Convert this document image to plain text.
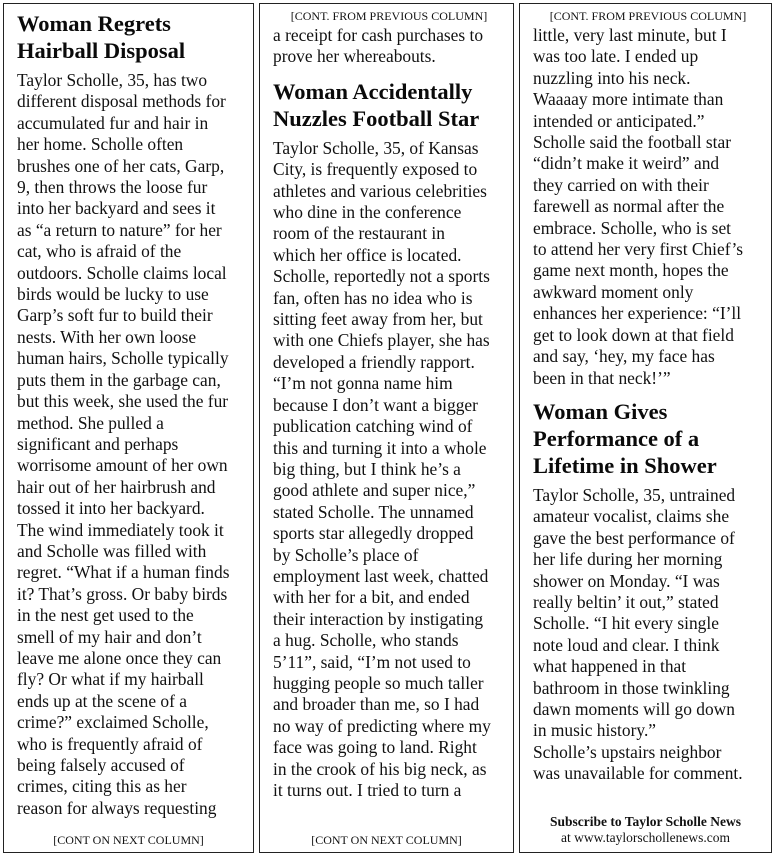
Woman Regrets Hairball Disposal

Taylor Scholle, 35, has two
different disposal methods for
accumulated fur and hair in
her home. Scholle often
brushes one of her cats, Garp,
9, then throws the loose fur
into her backyard and sees it
as “a return to nature” for her
cat, who is afraid of the
outdoors. Scholle claims local
birds would be lucky to use
Garp’s soft fur to build their
nests. With her own loose
human hairs, Scholle typically
puts them in the garbage can,
but this week, she used the fur
method. She pulled a
significant and perhaps
worrisome amount of her own
hair out of her hairbrush and
tossed it into her backyard.
The wind immediately took it
and Scholle was filled with
regret. “What if a human finds
it? That’s gross. Or baby birds
in the nest get used to the
smell of my hair and don’t
leave me alone once they can
fly? Or what if my hairball
ends up at the scene of a
crime?” exclaimed Scholle,
who is frequently afraid of
being falsely accused of
crimes, citing this as her
reason for always requesting

[CONT ON NEXT COLUMN]
[CONT. FROM PREVIOUS COLUMN]

a receipt for cash purchases to
prove her whereabouts.

Woman Accidentally Nuzzles Football Star

Taylor Scholle, 35, of Kansas
City, is frequently exposed to
athletes and various celebrities
who dine in the conference
room of the restaurant in
which her office is located.
Scholle, reportedly not a sports
fan, often has no idea who is
sitting feet away from her, but
with one Chiefs player, she has
developed a friendly rapport.
“I’m not gonna name him
because I don’t want a bigger
publication catching wind of
this and turning it into a whole
big thing, but I think he’s a
good athlete and super nice,”
stated Scholle. The unnamed
sports star allegedly dropped
by Scholle’s place of
employment last week, chatted
with her for a bit, and ended
their interaction by instigating
a hug. Scholle, who stands
5’11”, said, “I’m not used to
hugging people so much taller
and broader than me, so I had
no way of predicting where my
face was going to land. Right
in the crook of his big neck, as
it turns out. I tried to turn a

[CONT ON NEXT COLUMN]
[CONT. FROM PREVIOUS COLUMN]

little, very last minute, but I
was too late. I ended up
nuzzling into his neck.
Waaaay more intimate than
intended or anticipated.”
Scholle said the football star
“didn’t make it weird” and
they carried on with their
farewell as normal after the
embrace. Scholle, who is set
to attend her very first Chief’s
game next month, hopes the
awkward moment only
enhances her experience: “I’ll
get to look down at that field
and say, ‘hey, my face has
been in that neck!’”

Woman Gives Performance of a Lifetime in Shower

Taylor Scholle, 35, untrained
amateur vocalist, claims she
gave the best performance of
her life during her morning
shower on Monday. “I was
really beltin’ it out,” stated
Scholle. “I hit every single
note loud and clear. I think
what happened in that
bathroom in those twinkling
dawn moments will go down
in music history.”
Scholle’s upstairs neighbor
was unavailable for comment.

Subscribe to Taylor Scholle News
at www.taylorschollenews.com
